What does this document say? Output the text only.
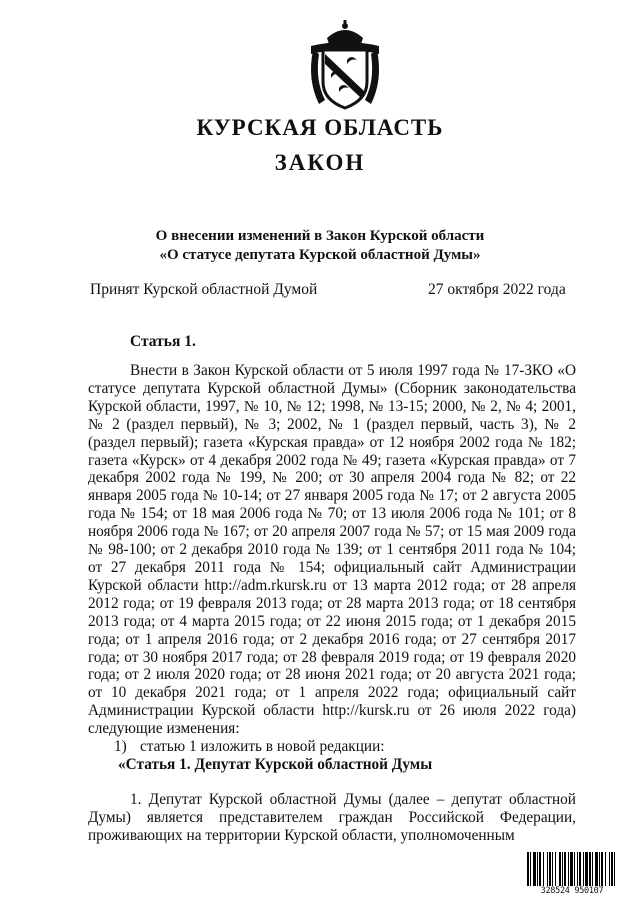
КУРСКАЯ ОБЛАСТЬ
ЗАКОН
О внесении изменений в Закон Курской области
«О статусе депутата Курской областной Думы»
Принят Курской областной Думой	27 октября 2022 года
Статья 1.

Внести в Закон Курской области от 5 июля 1997 года № 17-ЗКО «О статусе депутата Курской областной Думы» (Сборник законодательства Курской области, 1997, № 10, № 12; 1998, № 13-15; 2000, № 2, № 4; 2001, № 2 (раздел первый), № 3; 2002, № 1 (раздел первый, часть 3), № 2 (раздел первый); газета «Курская правда» от 12 ноября 2002 года № 182; газета «Курск» от 4 декабря 2002 года № 49; газета «Курская правда» от 7 декабря 2002 года № 199, № 200; от 30 апреля 2004 года № 82; от 22 января 2005 года № 10-14; от 27 января 2005 года № 17; от 2 августа 2005 года № 154; от 18 мая 2006 года № 70; от 13 июля 2006 года № 101; от 8 ноября 2006 года № 167; от 20 апреля 2007 года № 57; от 15 мая 2009 года № 98-100; от 2 декабря 2010 года № 139; от 1 сентября 2011 года № 104; от 27 декабря 2011 года № 154; официальный сайт Администрации Курской области http://adm.rkursk.ru от 13 марта 2012 года; от 28 апреля 2012 года; от 19 февраля 2013 года; от 28 марта 2013 года; от 18 сентября 2013 года; от 4 марта 2015 года; от 22 июня 2015 года; от 1 декабря 2015 года; от 1 апреля 2016 года; от 2 декабря 2016 года; от 27 сентября 2017 года; от 30 ноября 2017 года; от 28 февраля 2019 года; от 19 февраля 2020 года; от 2 июля 2020 года; от 28 июня 2021 года; от 20 августа 2021 года; от 10 декабря 2021 года; от 1 апреля 2022 года; официальный сайт Администрации Курской области http://kursk.ru от 26 июля 2022 года) следующие изменения:

1) статью 1 изложить в новой редакции:

«Статья 1. Депутат Курской областной Думы

1. Депутат Курской областной Думы (далее – депутат областной Думы) является представителем граждан Российской Федерации, проживающих на территории Курской области, уполномоченным

328524 950107
